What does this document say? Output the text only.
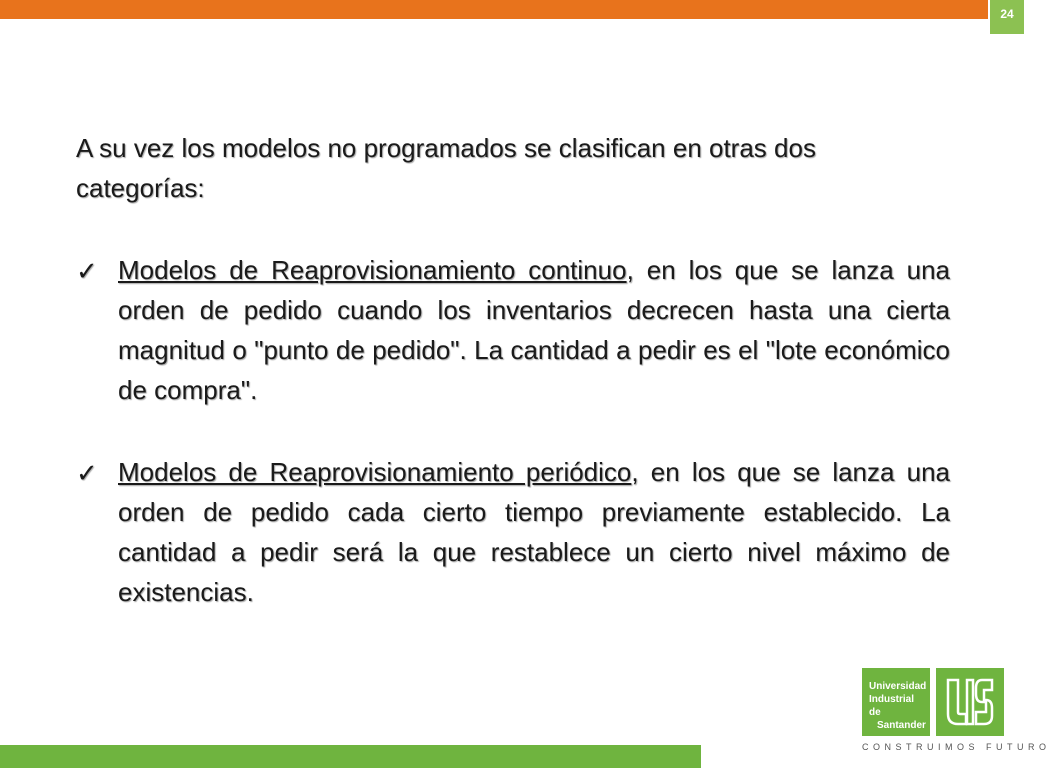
24

A su vez los modelos no programados se clasifican en otras dos categorías:

✓ Modelos de Reaprovisionamiento continuo, en los que se lanza una orden de pedido cuando los inventarios decrecen hasta una cierta magnitud o "punto de pedido". La cantidad a pedir es el "lote económico de compra".

✓ Modelos de Reaprovisionamiento periódico, en los que se lanza una orden de pedido cada cierto tiempo previamente establecido. La cantidad a pedir será la que restablece un cierto nivel máximo de existencias.

Universidad
Industrial de
Santander
CONSTRUIMOS FUTURO
